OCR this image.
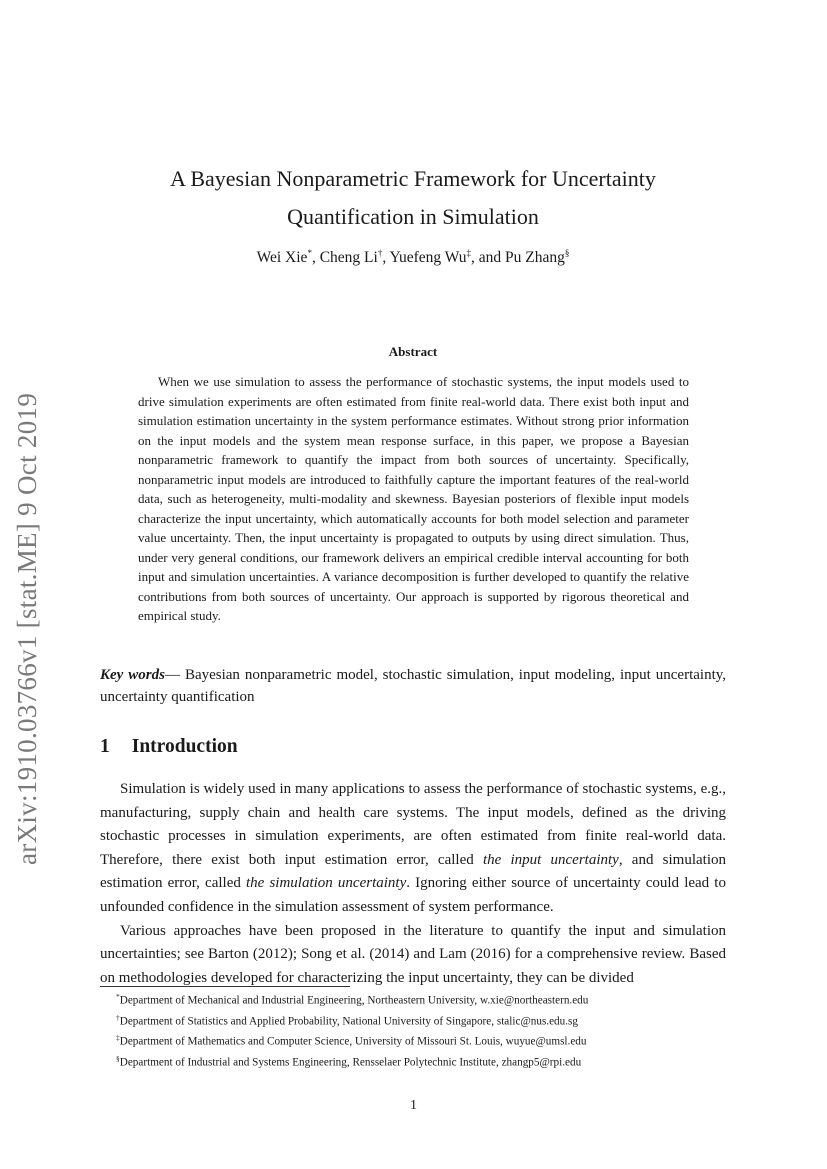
arXiv:1910.03766v1 [stat.ME] 9 Oct 2019
A Bayesian Nonparametric Framework for Uncertainty
Quantification in Simulation
Wei Xie*, Cheng Li†, Yuefeng Wu‡, and Pu Zhang§
Abstract
When we use simulation to assess the performance of stochastic systems, the input models used to drive simulation experiments are often estimated from finite real-world data. There exist both input and simulation estimation uncertainty in the system performance estimates. Without strong prior information on the input models and the system mean response surface, in this paper, we propose a Bayesian nonparametric framework to quantify the impact from both sources of uncertainty. Specifically, nonparametric input models are introduced to faithfully capture the important features of the real-world data, such as heterogeneity, multi-modality and skewness. Bayesian posteriors of flexible input models characterize the input uncertainty, which automatically accounts for both model selection and parameter value uncertainty. Then, the input uncertainty is propagated to outputs by using direct simulation. Thus, under very general conditions, our framework delivers an empirical credible interval accounting for both input and simulation uncertainties. A variance decomposition is further developed to quantify the relative contributions from both sources of uncertainty. Our approach is supported by rigorous theoretical and empirical study.
Key words— Bayesian nonparametric model, stochastic simulation, input modeling, input uncertainty, uncertainty quantification
1 Introduction

Simulation is widely used in many applications to assess the performance of stochastic systems, e.g., manufacturing, supply chain and health care systems. The input models, defined as the driving stochastic processes in simulation experiments, are often estimated from finite real-world data. Therefore, there exist both input estimation error, called the input uncertainty, and simulation estimation error, called the simulation uncertainty. Ignoring either source of uncertainty could lead to unfounded confidence in the simulation assessment of system performance.

Various approaches have been proposed in the literature to quantify the input and simulation uncertainties; see Barton (2012); Song et al. (2014) and Lam (2016) for a comprehensive review. Based on methodologies developed for characterizing the input uncertainty, they can be divided

*Department of Mechanical and Industrial Engineering, Northeastern University, w.xie@northeastern.edu
†Department of Statistics and Applied Probability, National University of Singapore, stalic@nus.edu.sg
‡Department of Mathematics and Computer Science, University of Missouri St. Louis, wuyue@umsl.edu
§Department of Industrial and Systems Engineering, Rensselaer Polytechnic Institute, zhangp5@rpi.edu
1
